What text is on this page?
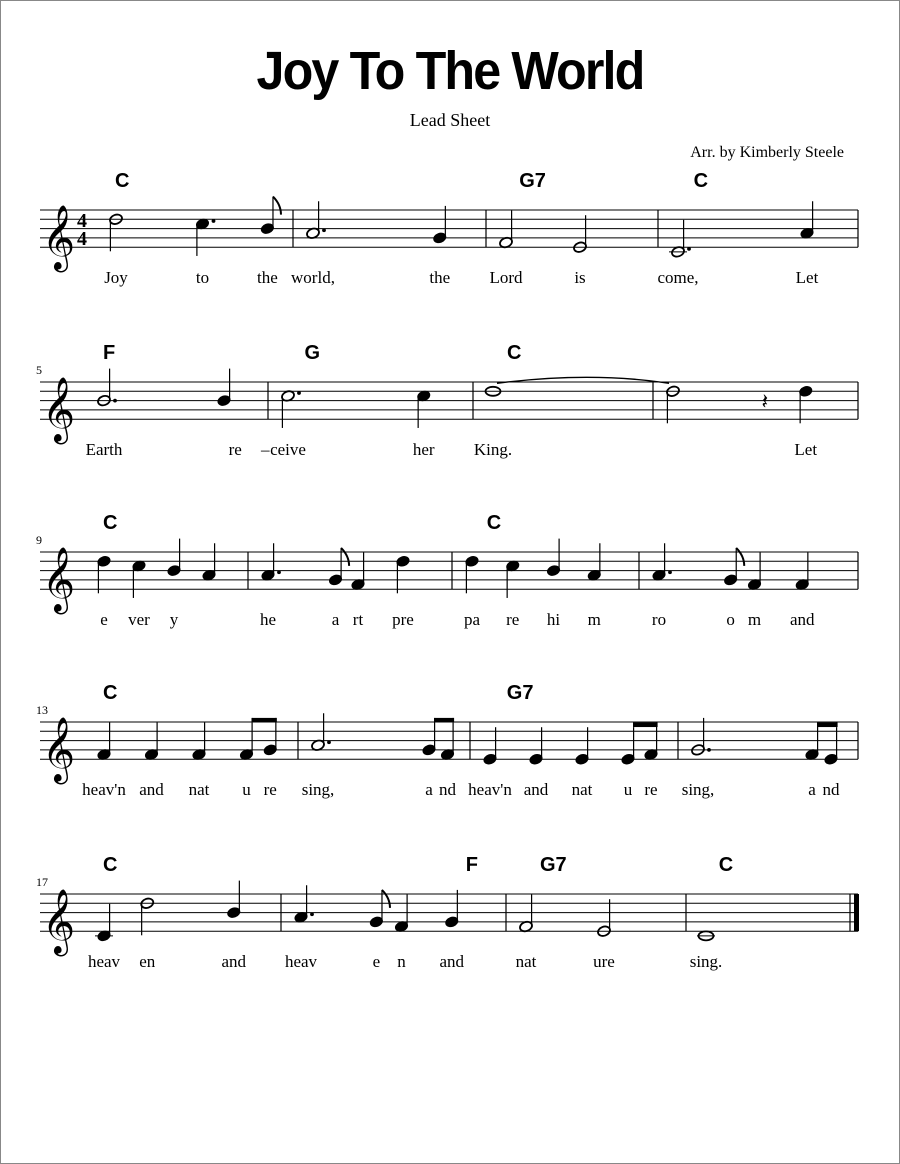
Joy To The World
Lead Sheet
Arr. by Kimberly Steele
𝄞 4
4
C	G7	C
Joy	to	the world,	the Lord	is	come,	Let
𝄞
5
F	G	C
Earth	re – ceive	her King.
𝄽
Let
𝄞
9
C	C
e ver y	he	a rt pre	pa re hi m	ro	o m and
𝄞
13
C	G7
heav'n and nat u re sing,	a nd heav'n and nat u re sing,	a nd
𝄞
17
C	F	G7	C
heav en	and heav	e n and	nat	ure	sing.
